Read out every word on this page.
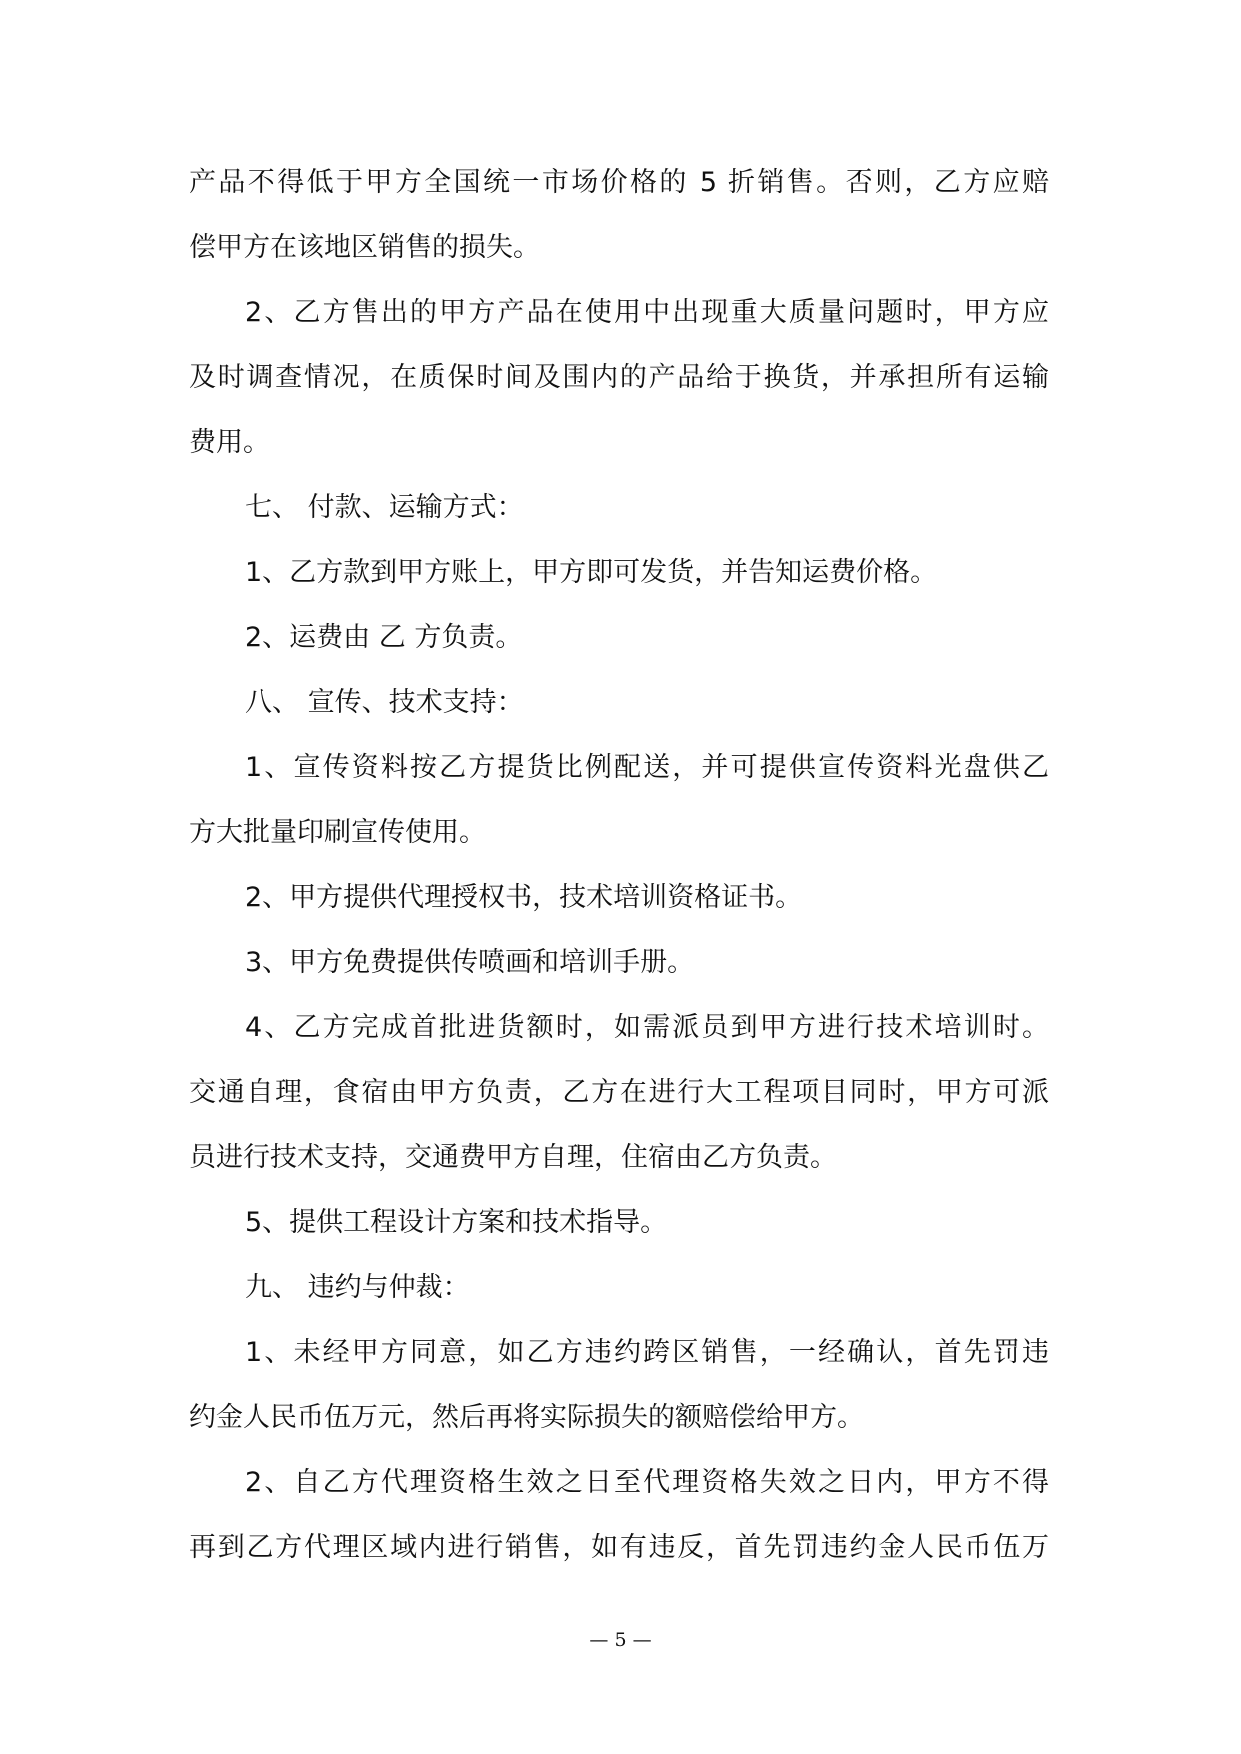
产品不得低于甲方全国统一市场价格的 5 折销售。否则，乙方应赔
偿甲方在该地区销售的损失。
2、乙方售出的甲方产品在使用中出现重大质量问题时，甲方应
及时调查情况，在质保时间及围内的产品给于换货，并承担所有运输
费用。
七、 付款、运输方式：
1、乙方款到甲方账上，甲方即可发货，并告知运费价格。
2、运费由 乙 方负责。
八、 宣传、技术支持：
1、宣传资料按乙方提货比例配送，并可提供宣传资料光盘供乙
方大批量印刷宣传使用。
2、甲方提供代理授权书，技术培训资格证书。
3、甲方免费提供传喷画和培训手册。
4、乙方完成首批进货额时，如需派员到甲方进行技术培训时。
交通自理，食宿由甲方负责，乙方在进行大工程项目同时，甲方可派
员进行技术支持，交通费甲方自理，住宿由乙方负责。
5、提供工程设计方案和技术指导。
九、 违约与仲裁：
1、未经甲方同意，如乙方违约跨区销售，一经确认，首先罚违
约金人民币伍万元，然后再将实际损失的额赔偿给甲方。
2、自乙方代理资格生效之日至代理资格失效之日内，甲方不得
再到乙方代理区域内进行销售，如有违反，首先罚违约金人民币伍万
— 5 —
